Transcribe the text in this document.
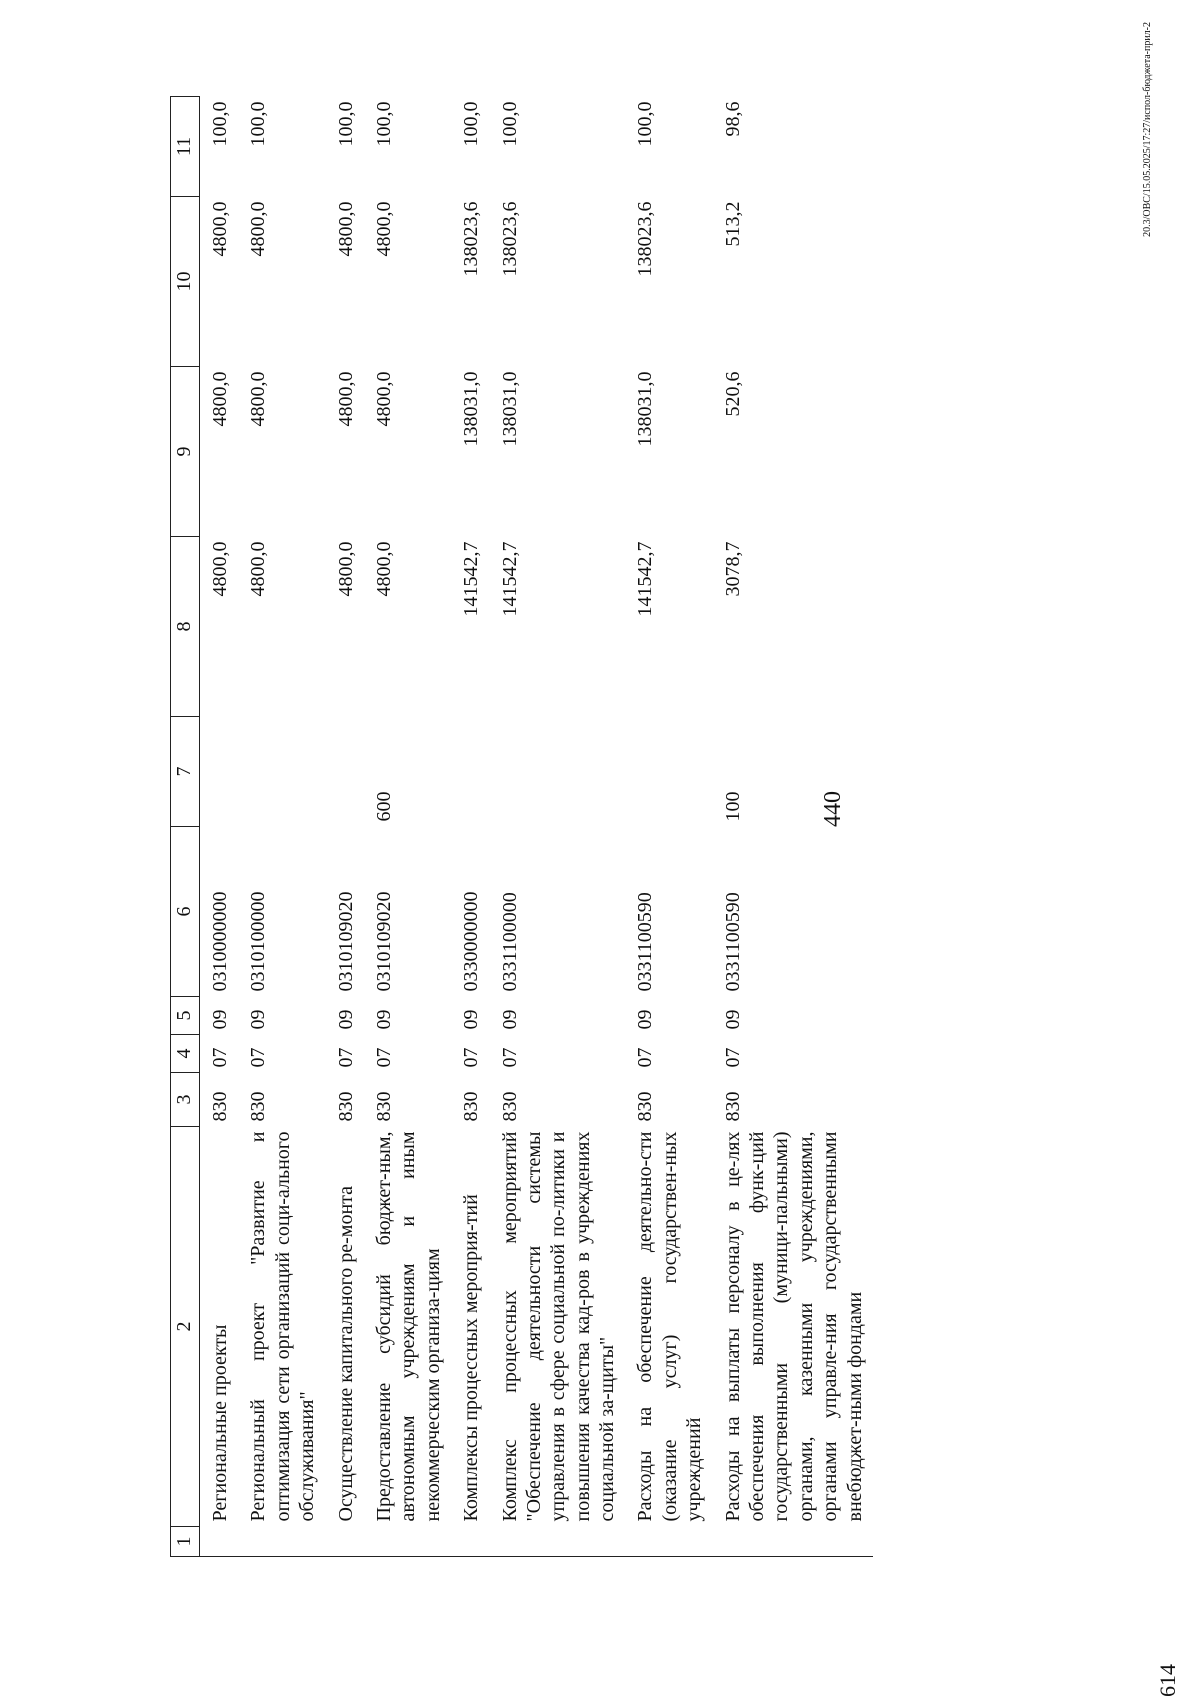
440
1	2	3	4	5	6	7	8	9	10	11
	Региональные проекты	830	07	09	0310000000		4800,0	4800,0	4800,0	100,0
	Региональный проект "Развитие и оптимизация сети организаций соци-ального обслуживания"	830	07	09	0310100000		4800,0	4800,0	4800,0	100,0
	Осуществление капитального ре-монта	830	07	09	0310109020		4800,0	4800,0	4800,0	100,0
	Предоставление субсидий бюджет-ным, автономным учреждениям и иным некоммерческим организа-циям	830	07	09	0310109020	600	4800,0	4800,0	4800,0	100,0
	Комплексы процессных мероприя-тий	830	07	09	0330000000		141542,7	138031,0	138023,6	100,0
	Комплекс процессных мероприятий "Обеспечение деятельности системы управления в сфере социальной по-литики и повышения качества кад-ров в учреждениях социальной за-щиты"	830	07	09	0331100000		141542,7	138031,0	138023,6	100,0
	Расходы на обеспечение деятельно-сти (оказание услуг) государствен-ных учреждений	830	07	09	0331100590		141542,7	138031,0	138023,6	100,0
	Расходы на выплаты персоналу в це-лях обеспечения выполнения функ-ций государственными (муници-пальными) органами, казенными учреждениями, органами управле-ния государственными внебюджет-ными фондами	830	07	09	0331100590	100	3078,7	520,6	513,2	98,6	20.3/ОВС/15.05.2025/17:27/испол-бюджета-прил-2
614
